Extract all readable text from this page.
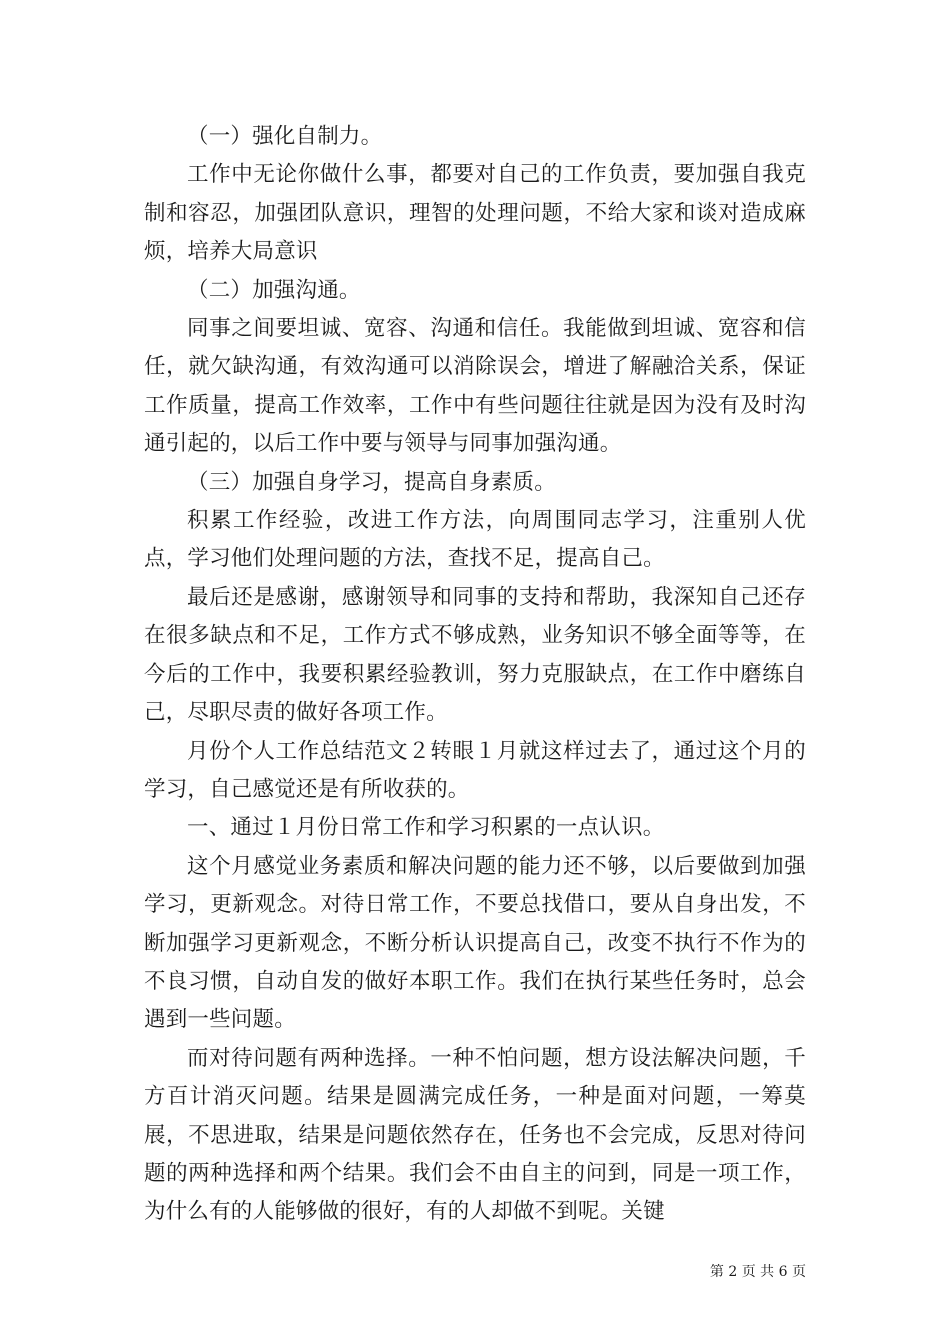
（一）强化自制力。

工作中无论你做什么事，都要对自己的工作负责，要加强自我克制和容忍，加强团队意识，理智的处理问题，不给大家和谈对造成麻烦，培养大局意识

（二）加强沟通。

同事之间要坦诚、宽容、沟通和信任。我能做到坦诚、宽容和信任，就欠缺沟通，有效沟通可以消除误会，增进了解融洽关系，保证工作质量，提高工作效率，工作中有些问题往往就是因为没有及时沟通引起的，以后工作中要与领导与同事加强沟通。

（三）加强自身学习，提高自身素质。

积累工作经验，改进工作方法，向周围同志学习，注重别人优点，学习他们处理问题的方法，查找不足，提高自己。

最后还是感谢，感谢领导和同事的支持和帮助，我深知自己还存在很多缺点和不足，工作方式不够成熟，业务知识不够全面等等，在今后的工作中，我要积累经验教训，努力克服缺点，在工作中磨练自己，尽职尽责的做好各项工作。

月份个人工作总结范文２转眼１月就这样过去了，通过这个月的学习，自己感觉还是有所收获的。

一、通过１月份日常工作和学习积累的一点认识。

这个月感觉业务素质和解决问题的能力还不够，以后要做到加强学习，更新观念。对待日常工作，不要总找借口，要从自身出发，不断加强学习更新观念，不断分析认识提高自己，改变不执行不作为的不良习惯，自动自发的做好本职工作。我们在执行某些任务时，总会遇到一些问题。

而对待问题有两种选择。一种不怕问题，想方设法解决问题，千方百计消灭问题。结果是圆满完成任务，一种是面对问题，一筹莫展，不思进取，结果是问题依然存在，任务也不会完成，反思对待问题的两种选择和两个结果。我们会不由自主的问到，同是一项工作，为什么有的人能够做的很好，有的人却做不到呢。关键

第 2 页 共 6 页
